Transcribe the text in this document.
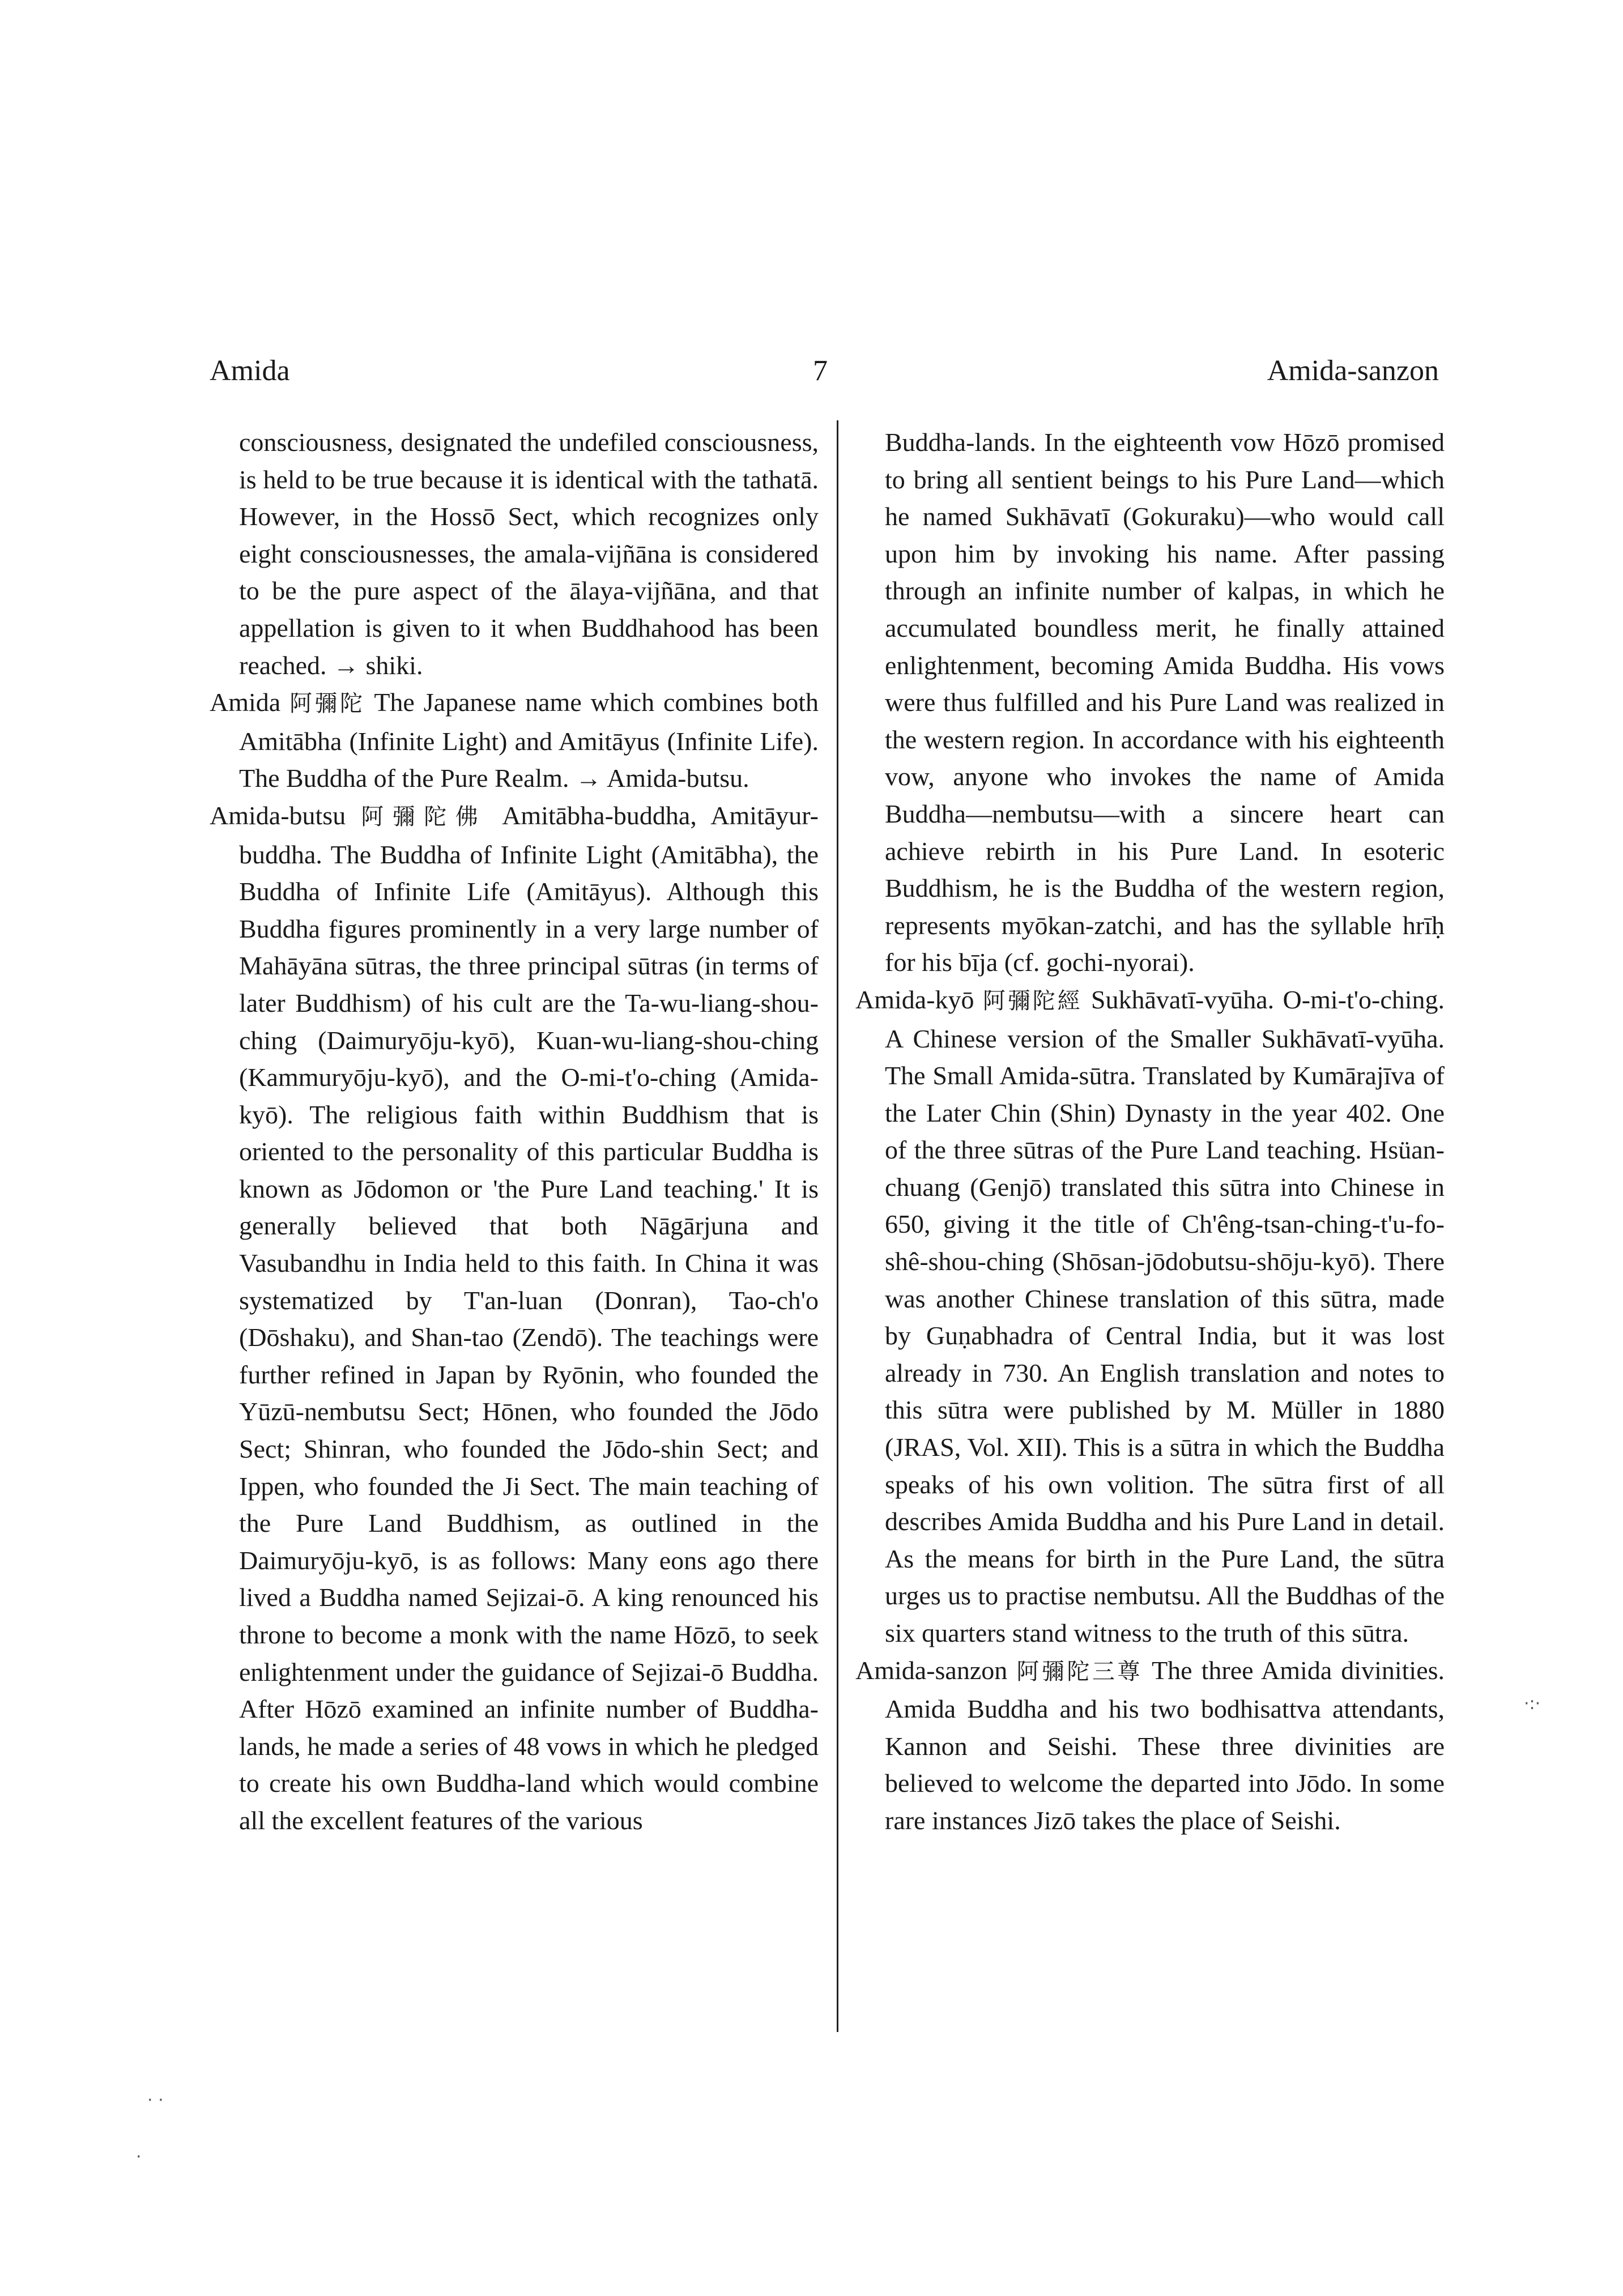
Amida	7	Amida-sanzon

consciousness, designated the undefiled consciousness, is held to be true because it is identical with the tathatā. However, in the Hossō Sect, which recognizes only eight consciousnesses, the amala-vijñāna is considered to be the pure aspect of the ālaya-vijñāna, and that appellation is given to it when Buddhahood has been reached. → shiki.

Amida 阿彌陀 The Japanese name which combines both Amitābha (Infinite Light) and Amitāyus (Infinite Life). The Buddha of the Pure Realm. → Amida-butsu.

Amida-butsu 阿彌陀佛 Amitābha-buddha, Amitāyur-buddha. The Buddha of Infinite Light (Amitābha), the Buddha of Infinite Life (Amitāyus). Although this Buddha figures prominently in a very large number of Mahāyāna sūtras, the three principal sūtras (in terms of later Buddhism) of his cult are the Ta-wu-liang-shou-ching (Daimuryōju-kyō), Kuan-wu-liang-shou-ching (Kammuryōju-kyō), and the O-mi-t'o-ching (Amida-kyō). The religious faith within Buddhism that is oriented to the personality of this particular Buddha is known as Jōdomon or 'the Pure Land teaching.' It is generally believed that both Nāgārjuna and Vasubandhu in India held to this faith. In China it was systematized by T'an-luan (Donran), Tao-ch'o (Dōshaku), and Shan-tao (Zendō). The teachings were further refined in Japan by Ryōnin, who founded the Yūzū-nembutsu Sect; Hōnen, who founded the Jōdo Sect; Shinran, who founded the Jōdo-shin Sect; and Ippen, who founded the Ji Sect. The main teaching of the Pure Land Buddhism, as outlined in the Daimuryōju-kyō, is as follows: Many eons ago there lived a Buddha named Sejizai-ō. A king renounced his throne to become a monk with the name Hōzō, to seek enlightenment under the guidance of Sejizai-ō Buddha. After Hōzō examined an infinite number of Buddha-lands, he made a series of 48 vows in which he pledged to create his own Buddha-land which would combine all the excellent features of the various

Buddha-lands. In the eighteenth vow Hōzō promised to bring all sentient beings to his Pure Land—which he named Sukhāvatī (Gokuraku)—who would call upon him by invoking his name. After passing through an infinite number of kalpas, in which he accumulated boundless merit, he finally attained enlightenment, becoming Amida Buddha. His vows were thus fulfilled and his Pure Land was realized in the western region. In accordance with his eighteenth vow, anyone who invokes the name of Amida Buddha—nembutsu—with a sincere heart can achieve rebirth in his Pure Land. In esoteric Buddhism, he is the Buddha of the western region, represents myōkan-zatchi, and has the syllable hrīḥ for his bīja (cf. gochi-nyorai).

Amida-kyō 阿彌陀經 Sukhāvatī-vyūha. O-mi-t'o-ching. A Chinese version of the Smaller Sukhāvatī-vyūha. The Small Amida-sūtra. Translated by Kumārajīva of the Later Chin (Shin) Dynasty in the year 402. One of the three sūtras of the Pure Land teaching. Hsüan-chuang (Genjō) translated this sūtra into Chinese in 650, giving it the title of Ch'êng-tsan-ching-t'u-fo-shê-shou-ching (Shōsan-jōdobutsu-shōju-kyō). There was another Chinese translation of this sūtra, made by Guṇabhadra of Central India, but it was lost already in 730. An English translation and notes to this sūtra were published by M. Müller in 1880 (JRAS, Vol. XII). This is a sūtra in which the Buddha speaks of his own volition. The sūtra first of all describes Amida Buddha and his Pure Land in detail. As the means for birth in the Pure Land, the sūtra urges us to practise nembutsu. All the Buddhas of the six quarters stand witness to the truth of this sūtra.

Amida-sanzon 阿彌陀三尊 The three Amida divinities. Amida Buddha and his two bodhisattva attendants, Kannon and Seishi. These three divinities are believed to welcome the departed into Jōdo. In some rare instances Jizō takes the place of Seishi.

·:·
· ·
·
